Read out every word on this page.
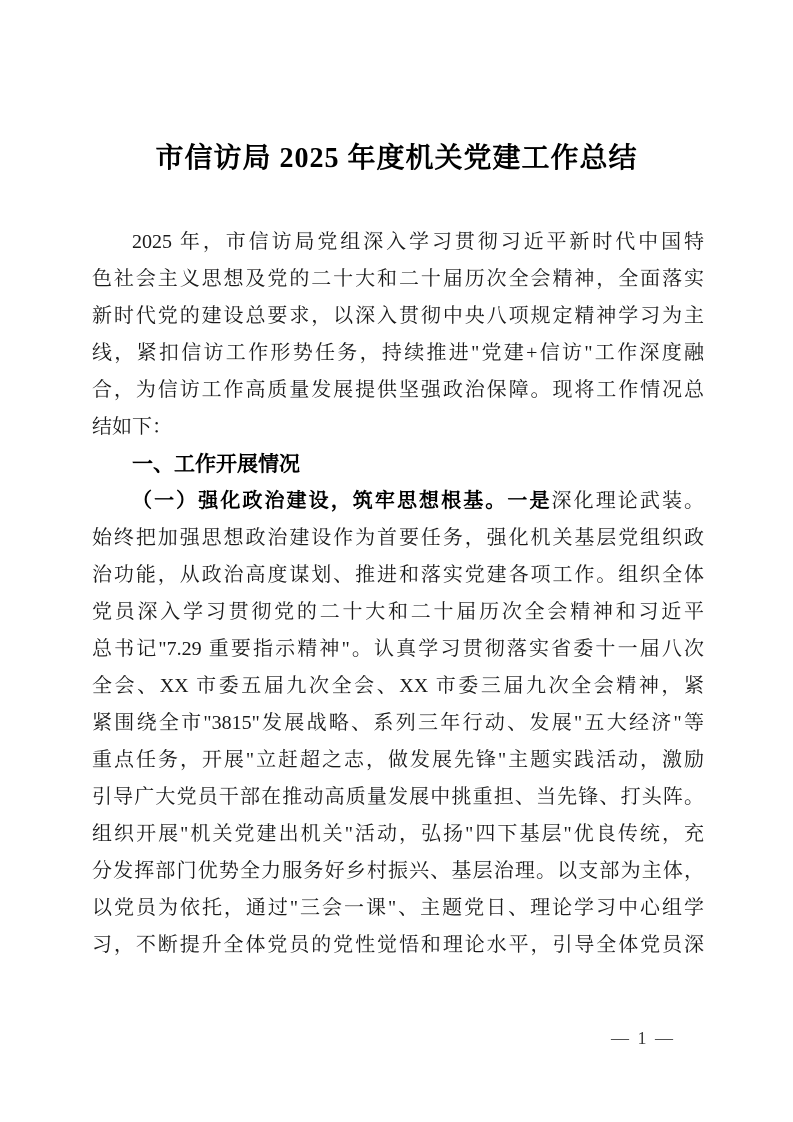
市信访局 2025 年度机关党建工作总结
2025 年，市信访局党组深入学习贯彻习近平新时代中国特
色社会主义思想及党的二十大和二十届历次全会精神，全面落实
新时代党的建设总要求，以深入贯彻中央八项规定精神学习为主
线，紧扣信访工作形势任务，持续推进"党建+信访"工作深度融
合，为信访工作高质量发展提供坚强政治保障。现将工作情况总
结如下：
一、工作开展情况
（一）强化政治建设，筑牢思想根基。一是深化理论武装。
始终把加强思想政治建设作为首要任务，强化机关基层党组织政
治功能，从政治高度谋划、推进和落实党建各项工作。组织全体
党员深入学习贯彻党的二十大和二十届历次全会精神和习近平
总书记"7.29 重要指示精神"。认真学习贯彻落实省委十一届八次
全会、XX 市委五届九次全会、XX 市委三届九次全会精神，紧
紧围绕全市"3815"发展战略、系列三年行动、发展"五大经济"等
重点任务，开展"立赶超之志，做发展先锋"主题实践活动，激励
引导广大党员干部在推动高质量发展中挑重担、当先锋、打头阵。
组织开展"机关党建出机关"活动，弘扬"四下基层"优良传统，充
分发挥部门优势全力服务好乡村振兴、基层治理。以支部为主体，
以党员为依托，通过"三会一课"、主题党日、理论学习中心组学
习，不断提升全体党员的党性觉悟和理论水平，引导全体党员深
— 1 —
